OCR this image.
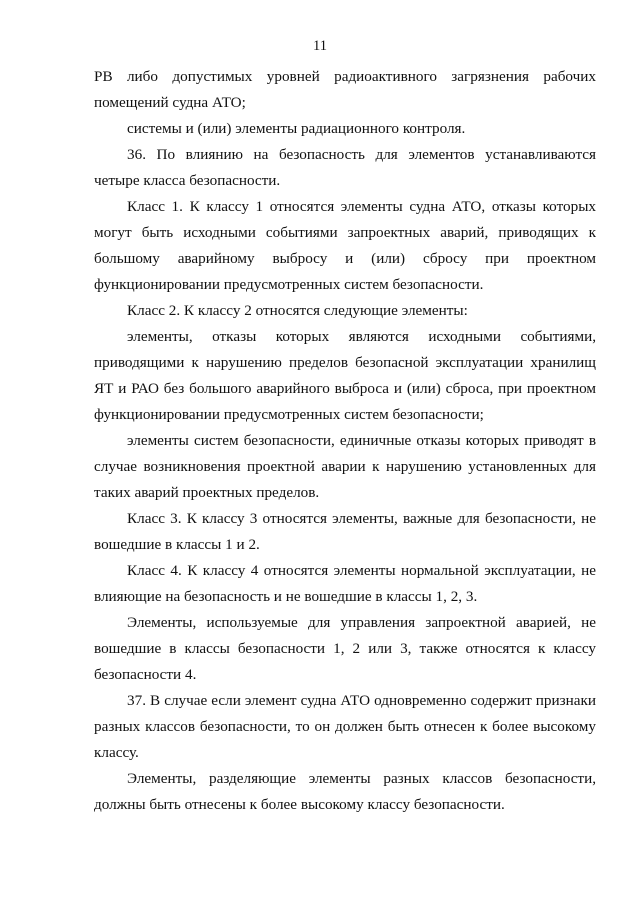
11

РВ либо допустимых уровней радиоактивного загрязнения рабочих помещений судна АТО;

системы и (или) элементы радиационного контроля.

36. По влиянию на безопасность для элементов устанавливаются четыре класса безопасности.

Класс 1. К классу 1 относятся элементы судна АТО, отказы которых могут быть исходными событиями запроектных аварий, приводящих к большому аварийному выбросу и (или) сбросу при проектном функционировании предусмотренных систем безопасности.

Класс 2. К классу 2 относятся следующие элементы:

элементы, отказы которых являются исходными событиями, приводящими к нарушению пределов безопасной эксплуатации хранилищ ЯТ и РАО без большого аварийного выброса и (или) сброса, при проектном функционировании предусмотренных систем безопасности;

элементы систем безопасности, единичные отказы которых приводят в случае возникновения проектной аварии к нарушению установленных для таких аварий проектных пределов.

Класс 3. К классу 3 относятся элементы, важные для безопасности, не вошедшие в классы 1 и 2.

Класс 4. К классу 4 относятся элементы нормальной эксплуатации, не влияющие на безопасность и не вошедшие в классы 1, 2, 3.

Элементы, используемые для управления запроектной аварией, не вошедшие в классы безопасности 1, 2 или 3, также относятся к классу безопасности 4.

37. В случае если элемент судна АТО одновременно содержит признаки разных классов безопасности, то он должен быть отнесен к более высокому классу.

Элементы, разделяющие элементы разных классов безопасности, должны быть отнесены к более высокому классу безопасности.
